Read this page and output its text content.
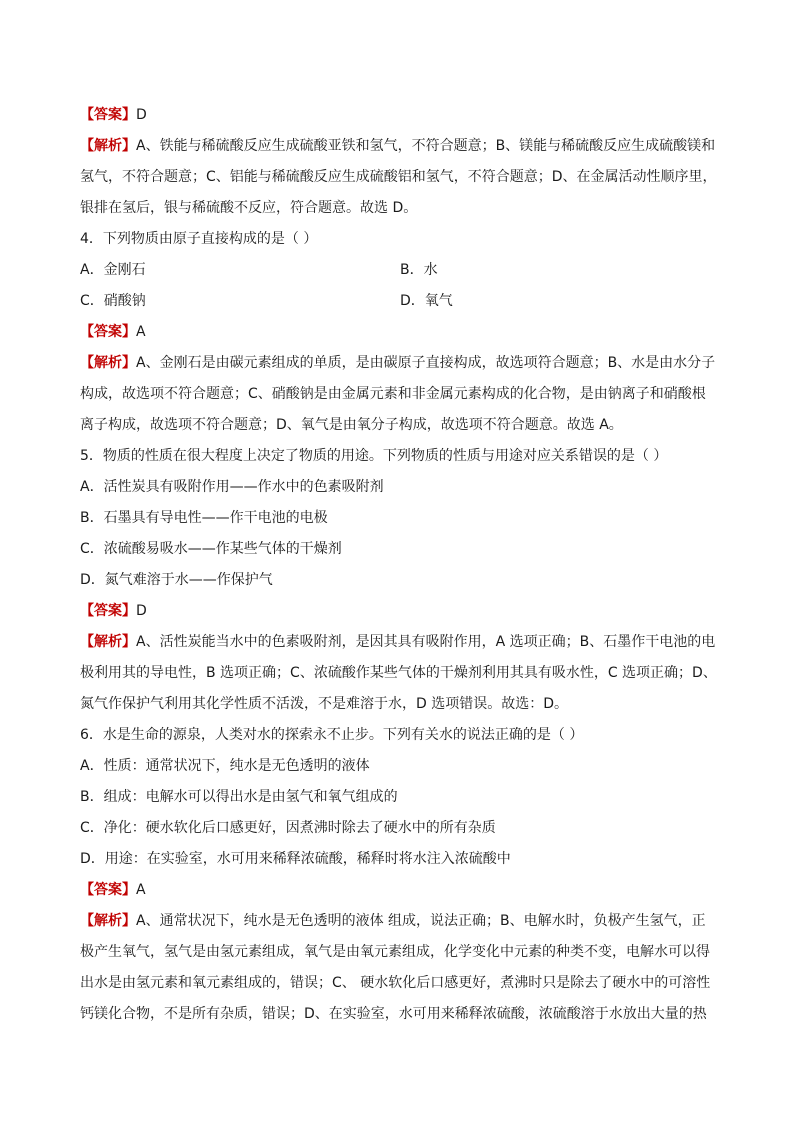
【答案】D
【解析】A、铁能与稀硫酸反应生成硫酸亚铁和氢气，不符合题意；B、镁能与稀硫酸反应生成硫酸镁和
氢气，不符合题意；C、铝能与稀硫酸反应生成硫酸铝和氢气，不符合题意；D、在金属活动性顺序里，
银排在氢后，银与稀硫酸不反应，符合题意。故选 D。
4．下列物质由原子直接构成的是（ ）
A．金刚石	B．水
C．硝酸钠	D．氧气
【答案】A
【解析】A、金刚石是由碳元素组成的单质，是由碳原子直接构成，故选项符合题意；B、水是由水分子
构成，故选项不符合题意；C、硝酸钠是由金属元素和非金属元素构成的化合物，是由钠离子和硝酸根
离子构成，故选项不符合题意；D、氧气是由氧分子构成，故选项不符合题意。故选 A。
5．物质的性质在很大程度上决定了物质的用途。下列物质的性质与用途对应关系错误的是（ ）
A．活性炭具有吸附作用——作水中的色素吸附剂
B．石墨具有导电性——作干电池的电极
C．浓硫酸易吸水——作某些气体的干燥剂
D．氮气难溶于水——作保护气
【答案】D
【解析】A、活性炭能当水中的色素吸附剂，是因其具有吸附作用，A 选项正确；B、石墨作干电池的电
极利用其的导电性，B 选项正确；C、浓硫酸作某些气体的干燥剂利用其具有吸水性，C 选项正确；D、
氮气作保护气利用其化学性质不活泼，不是难溶于水，D 选项错误。故选：D。
6．水是生命的源泉，人类对水的探索永不止步。下列有关水的说法正确的是（ ）
A．性质：通常状况下，纯水是无色透明的液体
B．组成：电解水可以得出水是由氢气和氧气组成的
C．净化：硬水软化后口感更好，因煮沸时除去了硬水中的所有杂质
D．用途：在实验室，水可用来稀释浓硫酸，稀释时将水注入浓硫酸中
【答案】A
【解析】A、通常状况下，纯水是无色透明的液体 组成，说法正确；B、电解水时，负极产生氢气，正
极产生氧气，氢气是由氢元素组成，氧气是由氧元素组成，化学变化中元素的种类不变，电解水可以得
出水是由氢元素和氧元素组成的，错误；C、 硬水软化后口感更好，煮沸时只是除去了硬水中的可溶性
钙镁化合物，不是所有杂质，错误；D、在实验室，水可用来稀释浓硫酸，浓硫酸溶于水放出大量的热
